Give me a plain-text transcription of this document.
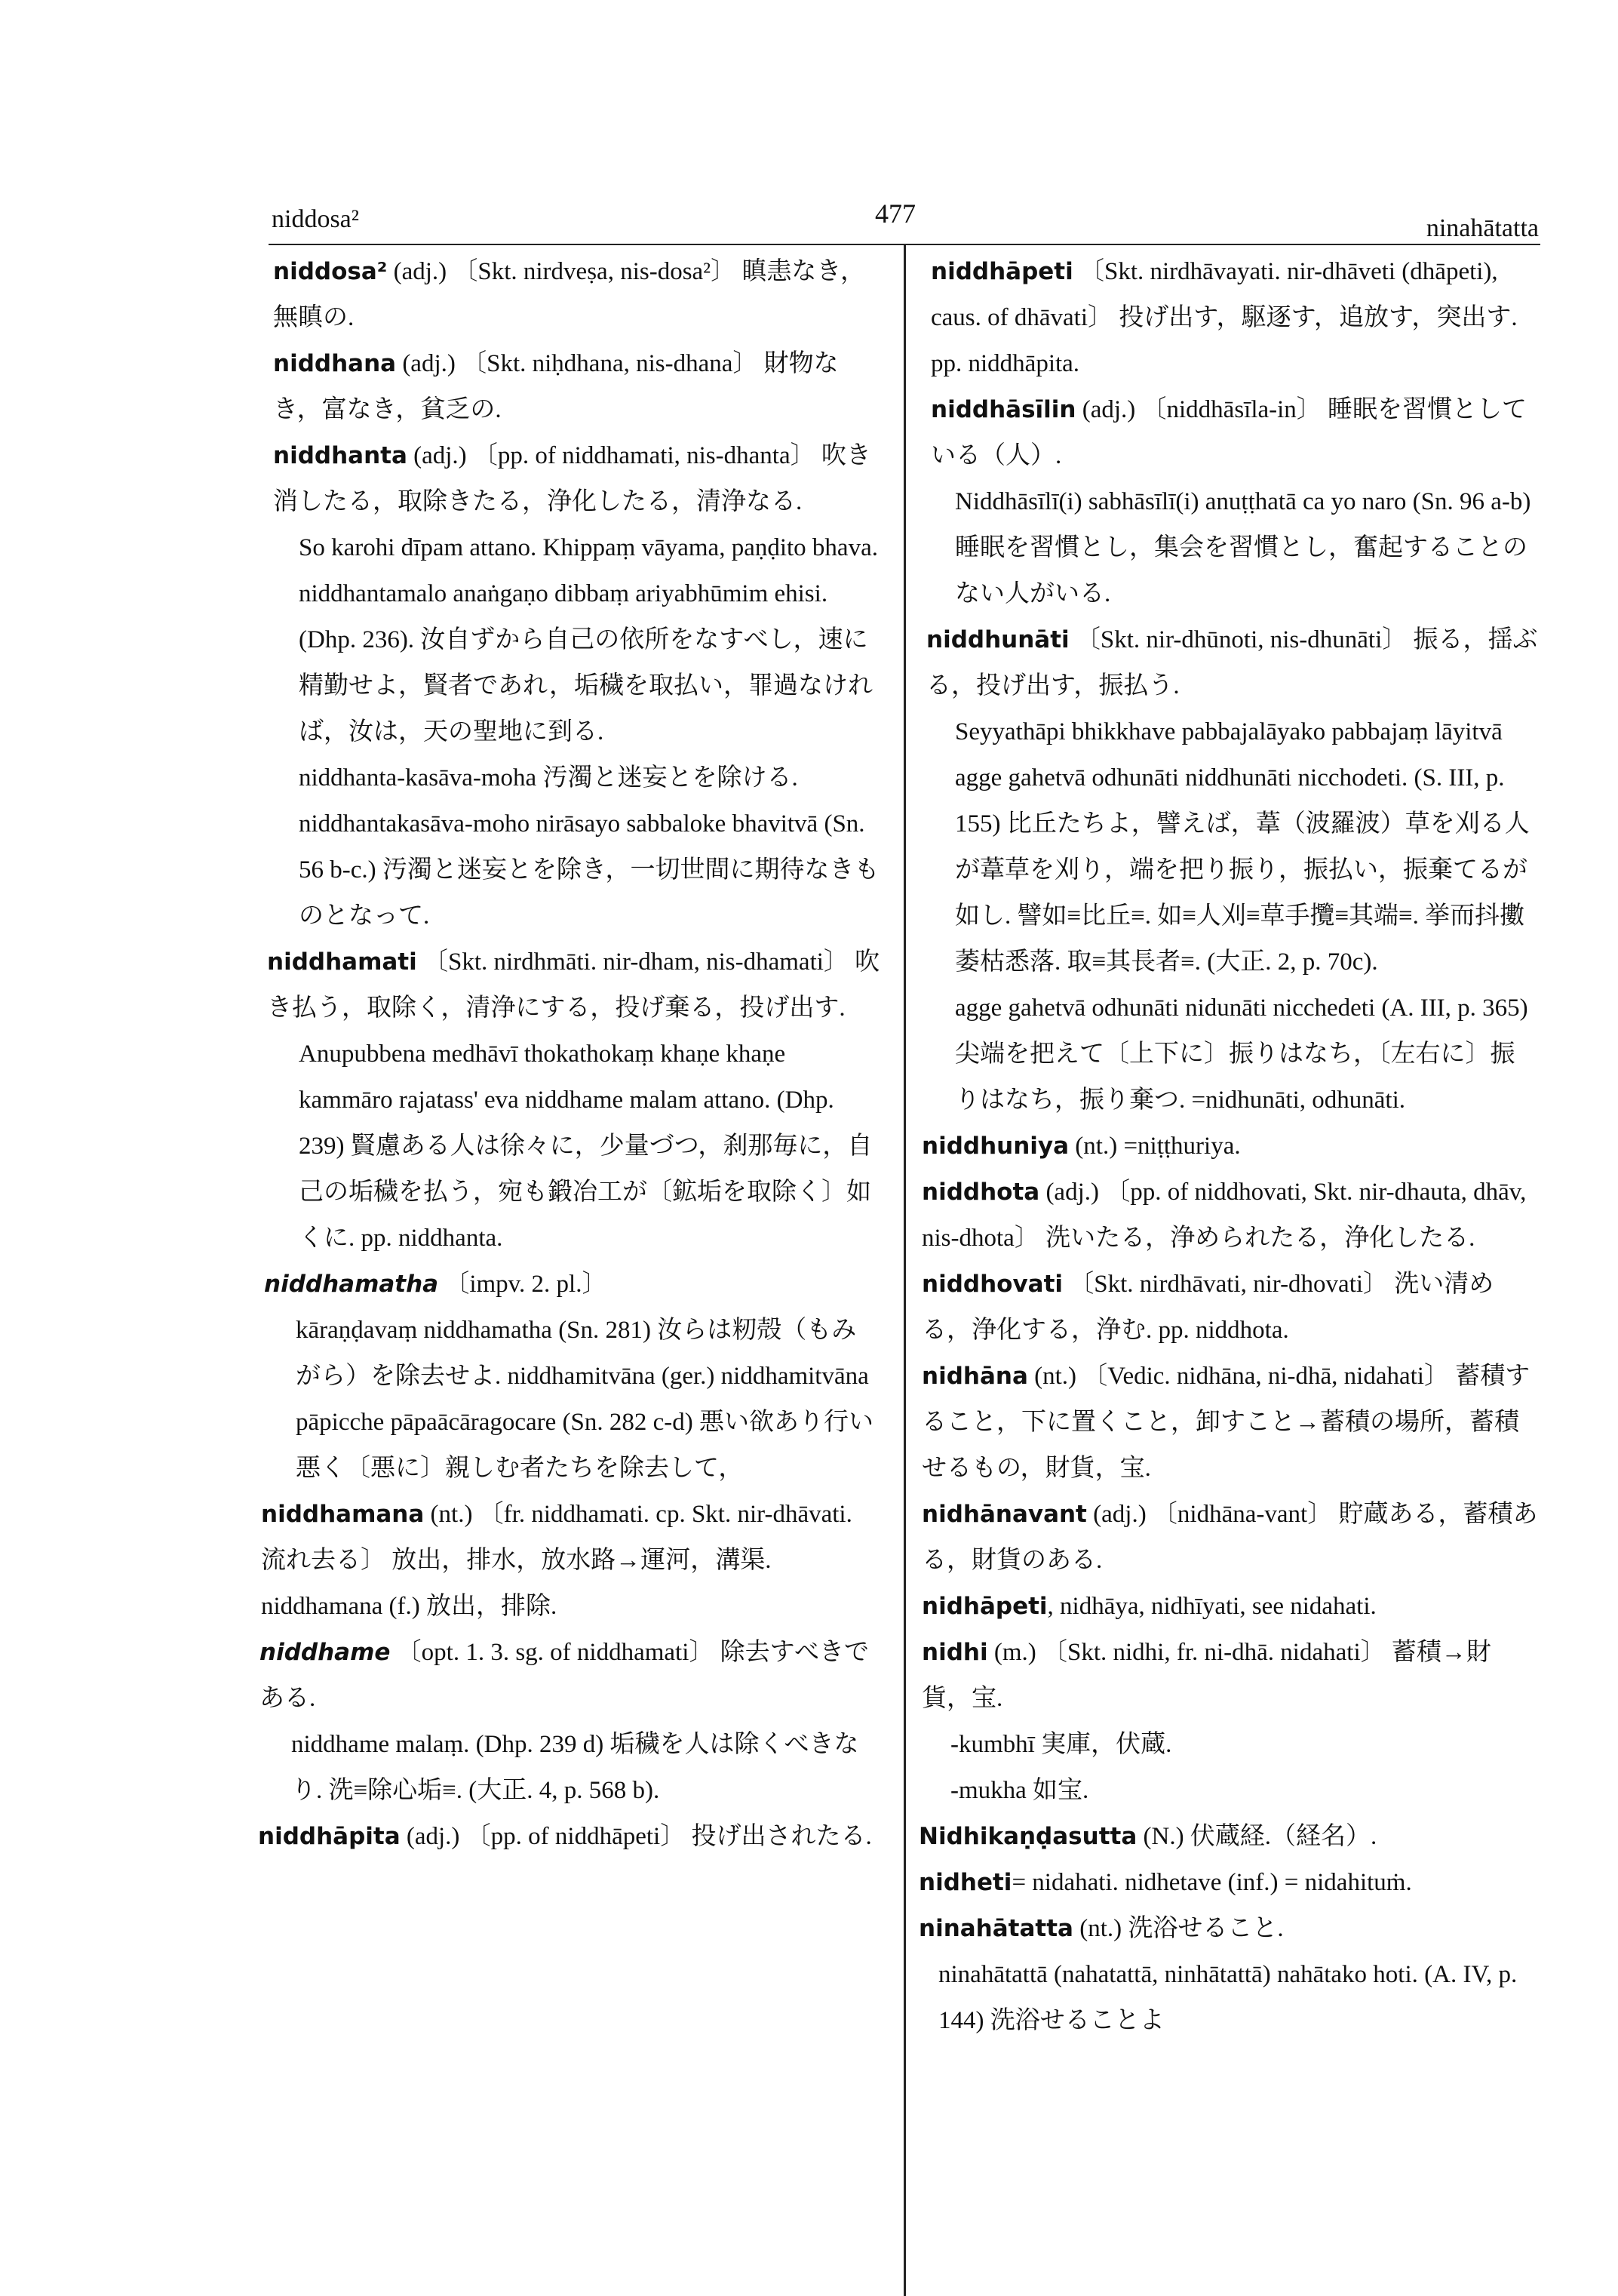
niddosa²	477	ninahātatta

niddosa² (adj.) 〔Skt. nirdveṣa, nis-dosa²〕 瞋恚なき，無瞋の.

niddhana (adj.) 〔Skt. niḥdhana, nis-dhana〕 財物なき，富なき，貧乏の.

niddhanta (adj.) 〔pp. of niddhamati, nis-dhanta〕 吹き消したる，取除きたる，浄化したる，清浄なる.

So karohi dīpam attano. Khippaṃ vāyama, paṇḍito bhava. niddhantamalo anaṅgaṇo dibbaṃ ariyabhūmim ehisi. (Dhp. 236). 汝自ずから自己の依所をなすべし，速に精勤せよ，賢者であれ，垢穢を取払い，罪過なければ，汝は，天の聖地に到る.

niddhanta-kasāva-moha 汚濁と迷妄とを除ける.

niddhantakasāva-moho nirāsayo sabbaloke bhavitvā (Sn. 56 b-c.) 汚濁と迷妄とを除き，一切世間に期待なきものとなって.

niddhamati 〔Skt. nirdhmāti. nir-dham, nis-dhamati〕 吹き払う，取除く，清浄にする，投げ棄る，投げ出す.

Anupubbena medhāvī thokathokaṃ khaṇe khaṇe kammāro rajatass' eva niddhame malam attano. (Dhp. 239) 賢慮ある人は徐々に，少量づつ，刹那毎に，自己の垢穢を払う，宛も鍛冶工が〔鉱垢を取除く〕如くに. pp. niddhanta.

niddhamatha 〔impv. 2. pl.〕

kāraṇḍavaṃ niddhamatha (Sn. 281) 汝らは籾殻（もみがら）を除去せよ. niddhamitvāna (ger.) niddhamitvāna pāpicche pāpaācāragocare (Sn. 282 c-d) 悪い欲あり行い悪く〔悪に〕親しむ者たちを除去して，

niddhamana (nt.) 〔fr. niddhamati. cp. Skt. nir-dhāvati. 流れ去る〕 放出，排水，放水路→運河，溝渠. niddhamana (f.) 放出，排除.

niddhame 〔opt. 1. 3. sg. of niddhamati〕 除去すべきである.

niddhame malaṃ. (Dhp. 239 d) 垢穢を人は除くべきなり. 洗≡除心垢≡. (大正. 4, p. 568 b).

niddhāpita (adj.) 〔pp. of niddhāpeti〕 投げ出されたる.

niddhāpeti 〔Skt. nirdhāvayati. nir-dhāveti (dhāpeti), caus. of dhāvati〕 投げ出す，駆逐す，追放す，突出す. pp. niddhāpita.

niddhāsīlin (adj.) 〔niddhāsīla-in〕 睡眠を習慣としている（人）.

Niddhāsīlī(i) sabhāsīlī(i) anuṭṭhatā ca yo naro (Sn. 96 a-b) 睡眠を習慣とし，集会を習慣とし，奮起することのない人がいる.

niddhunāti 〔Skt. nir-dhūnoti, nis-dhunāti〕 振る，揺ぶる，投げ出す，振払う.

Seyyathāpi bhikkhave pabbajalāyako pabbajaṃ lāyitvā agge gahetvā odhunāti niddhunāti nicchodeti. (S. III, p. 155) 比丘たちよ，譬えば，葦（波羅波）草を刈る人が葦草を刈り，端を把り振り，振払い，振棄てるが如し. 譬如≡比丘≡. 如≡人刈≡草手攬≡其端≡. 挙而抖擻萎枯悉落. 取≡其長者≡. (大正. 2, p. 70c).

agge gahetvā odhunāti nidunāti nicchedeti (A. III, p. 365) 尖端を把えて〔上下に〕振りはなち，〔左右に〕振りはなち，振り棄つ. =nidhunāti, odhunāti.

niddhuniya (nt.) =niṭṭhuriya.

niddhota (adj.) 〔pp. of niddhovati, Skt. nir-dhauta, dhāv, nis-dhota〕 洗いたる，浄められたる，浄化したる.

niddhovati 〔Skt. nirdhāvati, nir-dhovati〕 洗い清める，浄化する，浄む. pp. niddhota.

nidhāna (nt.) 〔Vedic. nidhāna, ni-dhā, nidahati〕 蓄積すること，下に置くこと，卸すこと→蓄積の場所，蓄積せるもの，財貨，宝.

nidhānavant (adj.) 〔nidhāna-vant〕 貯蔵ある，蓄積ある，財貨のある.

nidhāpeti, nidhāya, nidhīyati, see nidahati.

nidhi (m.) 〔Skt. nidhi, fr. ni-dhā. nidahati〕 蓄積→財貨，宝.

-kumbhī 実庫，伏蔵.

-mukha 如宝.

Nidhikaṇḍasutta (N.) 伏蔵経.（経名）.

nidheti= nidahati. nidhetave (inf.) = nidahituṁ.

ninahātatta (nt.) 洗浴せること.

ninahātattā (nahatattā, ninhātattā) nahātako hoti. (A. IV, p. 144) 洗浴せることよ
